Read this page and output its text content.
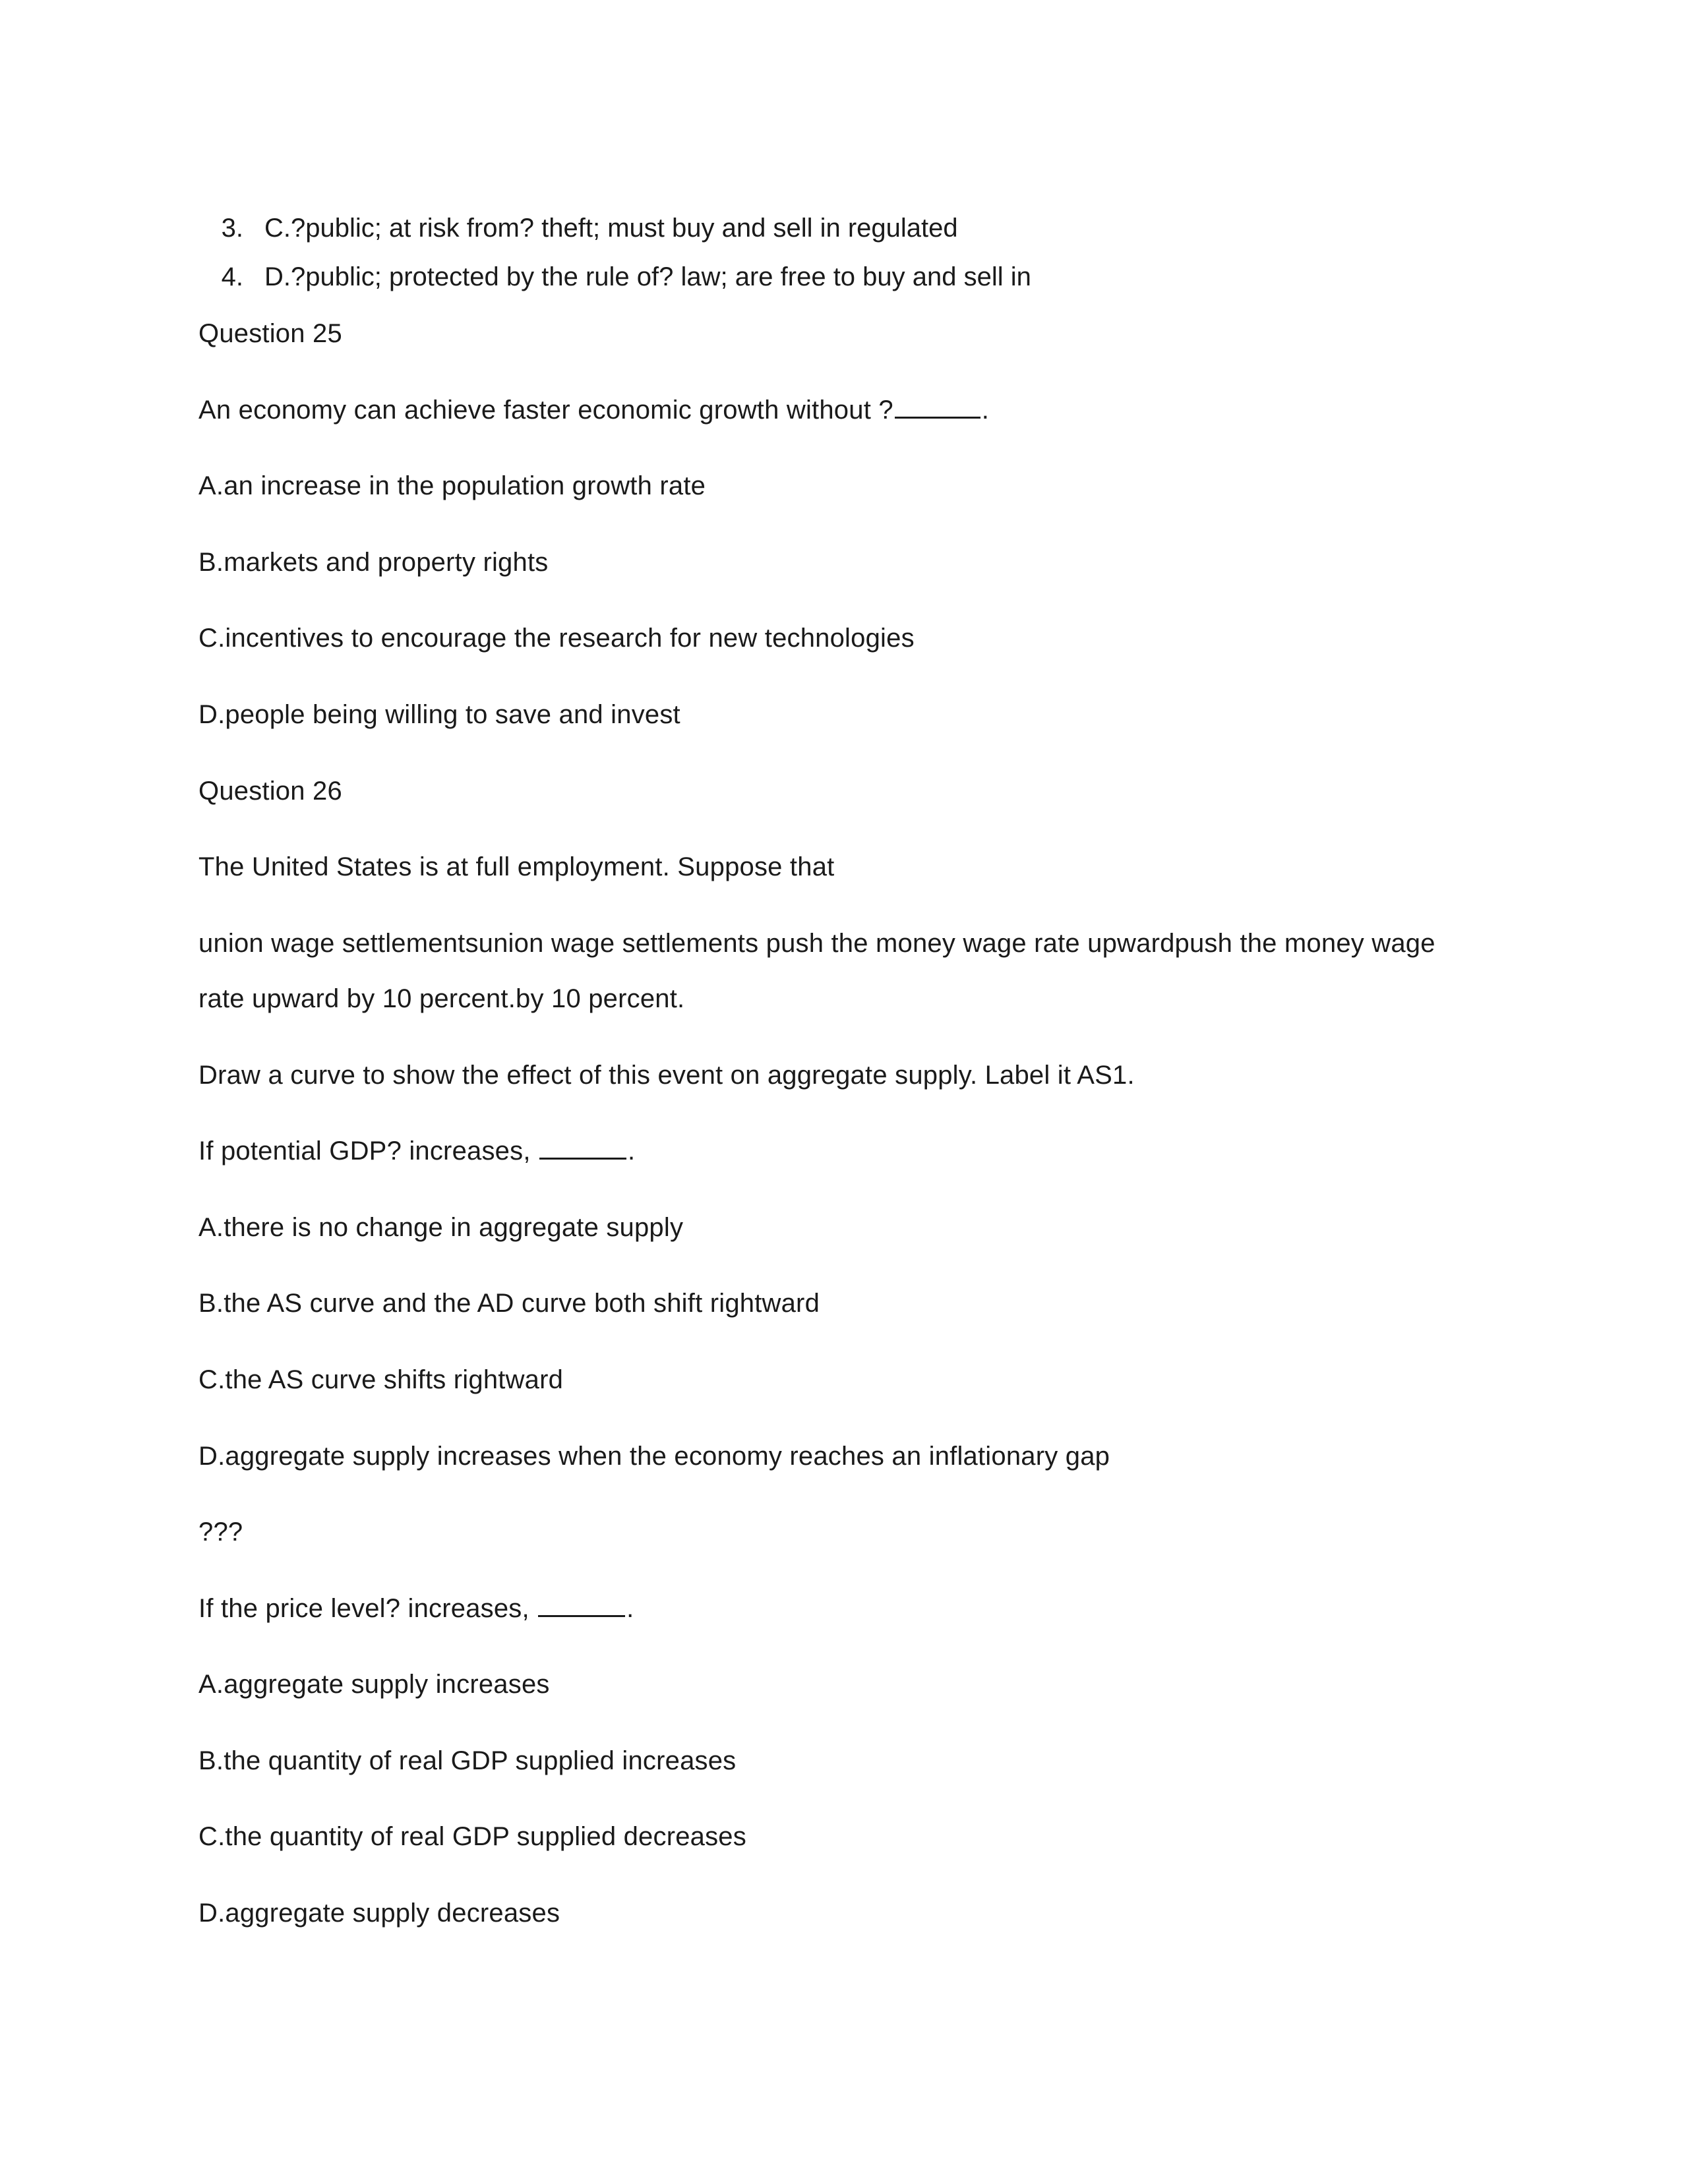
3. C.?public; at risk from? theft; must buy and sell in regulated
4. D.?public; protected by the rule of? law; are free to buy and sell in
Question 25
An economy can achieve faster economic growth without ?	.
A.an increase in the population growth rate
B.markets and property rights
C.incentives to encourage the research for new technologies
D.people being willing to save and invest
Question 26
The United States is at full employment. Suppose that
union wage settlementsunion wage settlements push the money wage rate upwardpush the money wage
rate upward by 10 percent.by 10 percent.
Draw a curve to show the effect of this event on aggregate supply. Label it AS1.
If potential GDP? increases,	.
A.there is no change in aggregate supply
B.the AS curve and the AD curve both shift rightward
C.the AS curve shifts rightward
D.aggregate supply increases when the economy reaches an inflationary gap
???
If the price level? increases,	.
A.aggregate supply increases
B.the quantity of real GDP supplied increases
C.the quantity of real GDP supplied decreases
D.aggregate supply decreases
